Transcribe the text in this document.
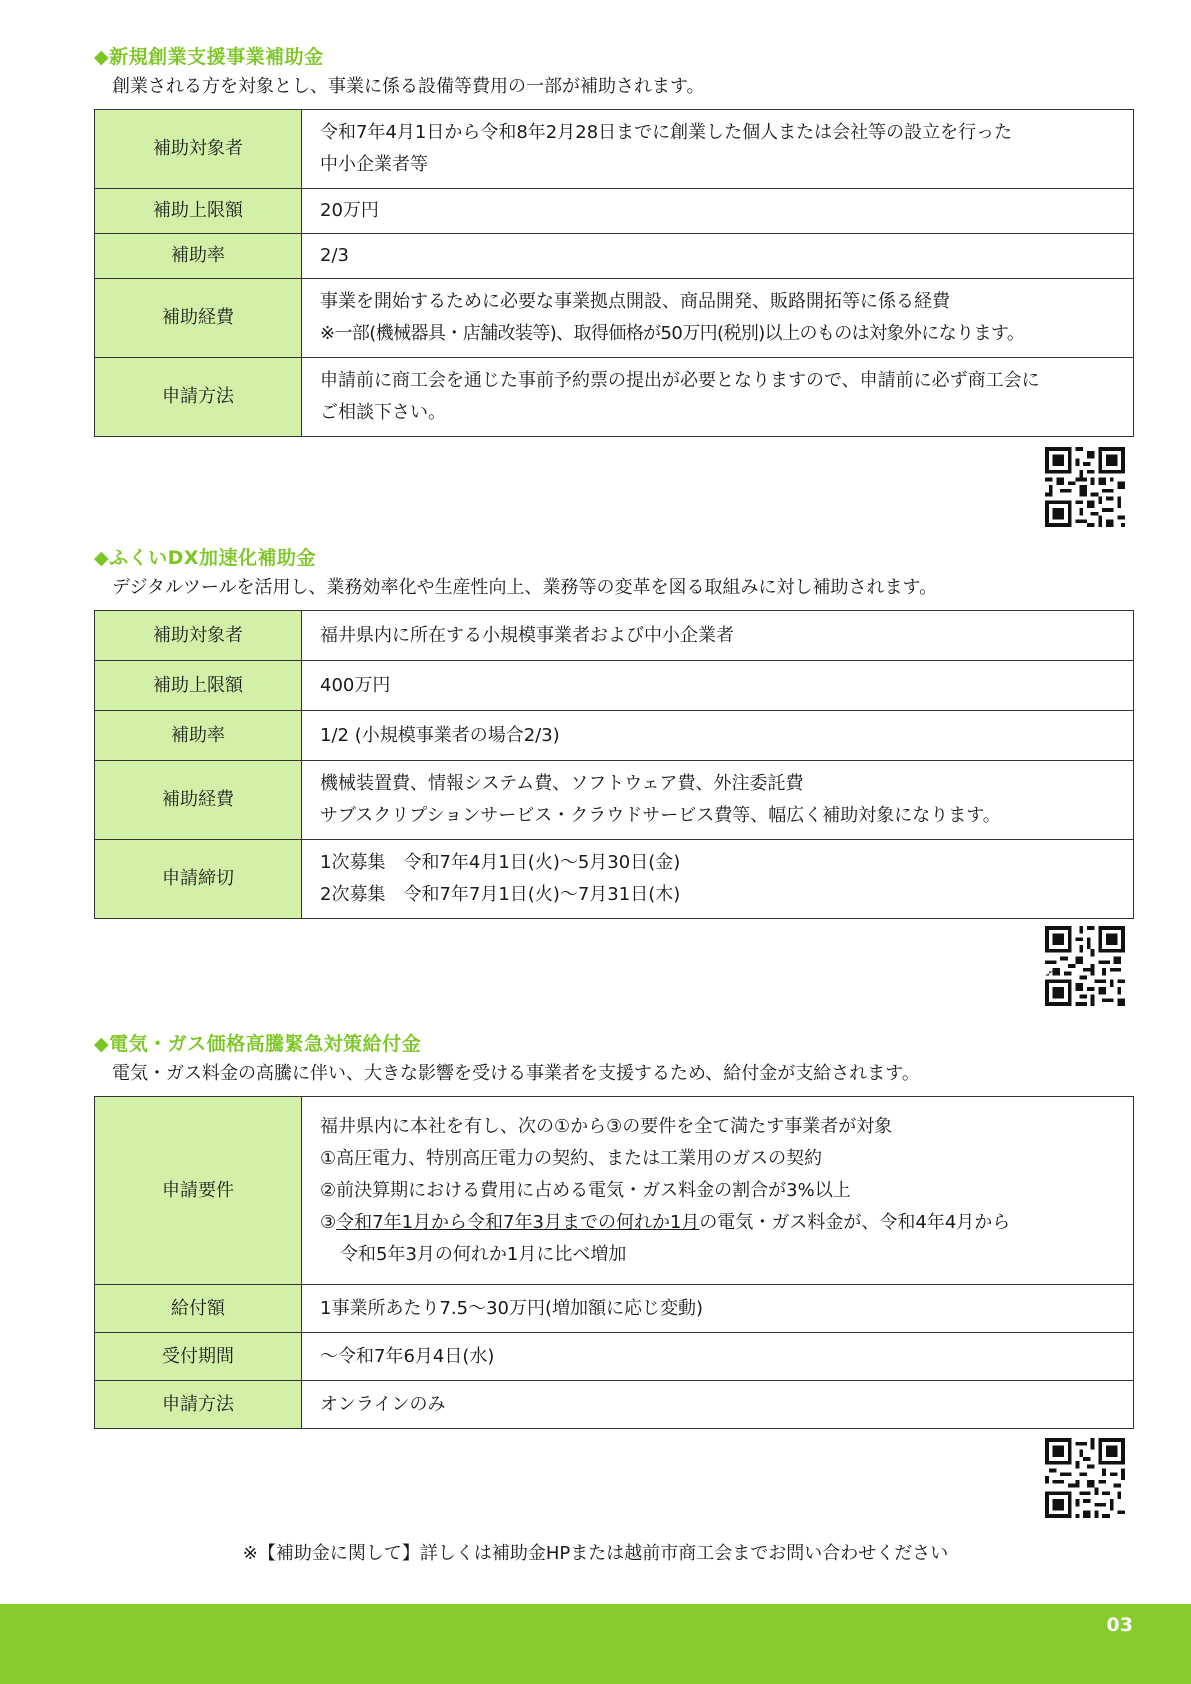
◆新規創業支援事業補助金
創業される方を対象とし、事業に係る設備等費用の一部が補助されます。
補助対象者	令和7年4月1日から令和8年2月28日までに創業した個人または会社等の設立を行った
中小企業者等

補助上限額	20万円

補助率	2/3

補助経費	事業を開始するために必要な事業拠点開設、商品開発、販路開拓等に係る経費
※一部(機械器具・店舗改装等)、取得価格が50万円(税別)以上のものは対象外になります。

申請方法	申請前に商工会を通じた事前予約票の提出が必要となりますので、申請前に必ず商工会に
ご相談下さい。
◆ふくいDX加速化補助金
デジタルツールを活用し、業務効率化や生産性向上、業務等の変革を図る取組みに対し補助されます。
補助対象者	福井県内に所在する小規模事業者および中小企業者

補助上限額	400万円

補助率	1/2 (小規模事業者の場合2/3)

補助経費	機械装置費、情報システム費、ソフトウェア費、外注委託費
サブスクリプションサービス・クラウドサービス費等、幅広く補助対象になります。

申請締切	1次募集　令和7年4月1日(火)～5月30日(金)
2次募集　令和7年7月1日(火)～7月31日(木)
◆電気・ガス価格高騰緊急対策給付金
電気・ガス料金の高騰に伴い、大きな影響を受ける事業者を支援するため、給付金が支給されます。
申請要件	福井県内に本社を有し、次の①から③の要件を全て満たす事業者が対象
①高圧電力、特別高圧電力の契約、または工業用のガスの契約
②前決算期における費用に占める電気・ガス料金の割合が3%以上
③令和7年1月から令和7年3月までの何れか1月の電気・ガス料金が、令和4年4月から
令和5年3月の何れか1月に比べ増加

給付額	1事業所あたり7.5～30万円(増加額に応じ変動)

受付期間	～令和7年6月4日(水)

申請方法	オンラインのみ
※【補助金に関して】詳しくは補助金HPまたは越前市商工会までお問い合わせください
03
